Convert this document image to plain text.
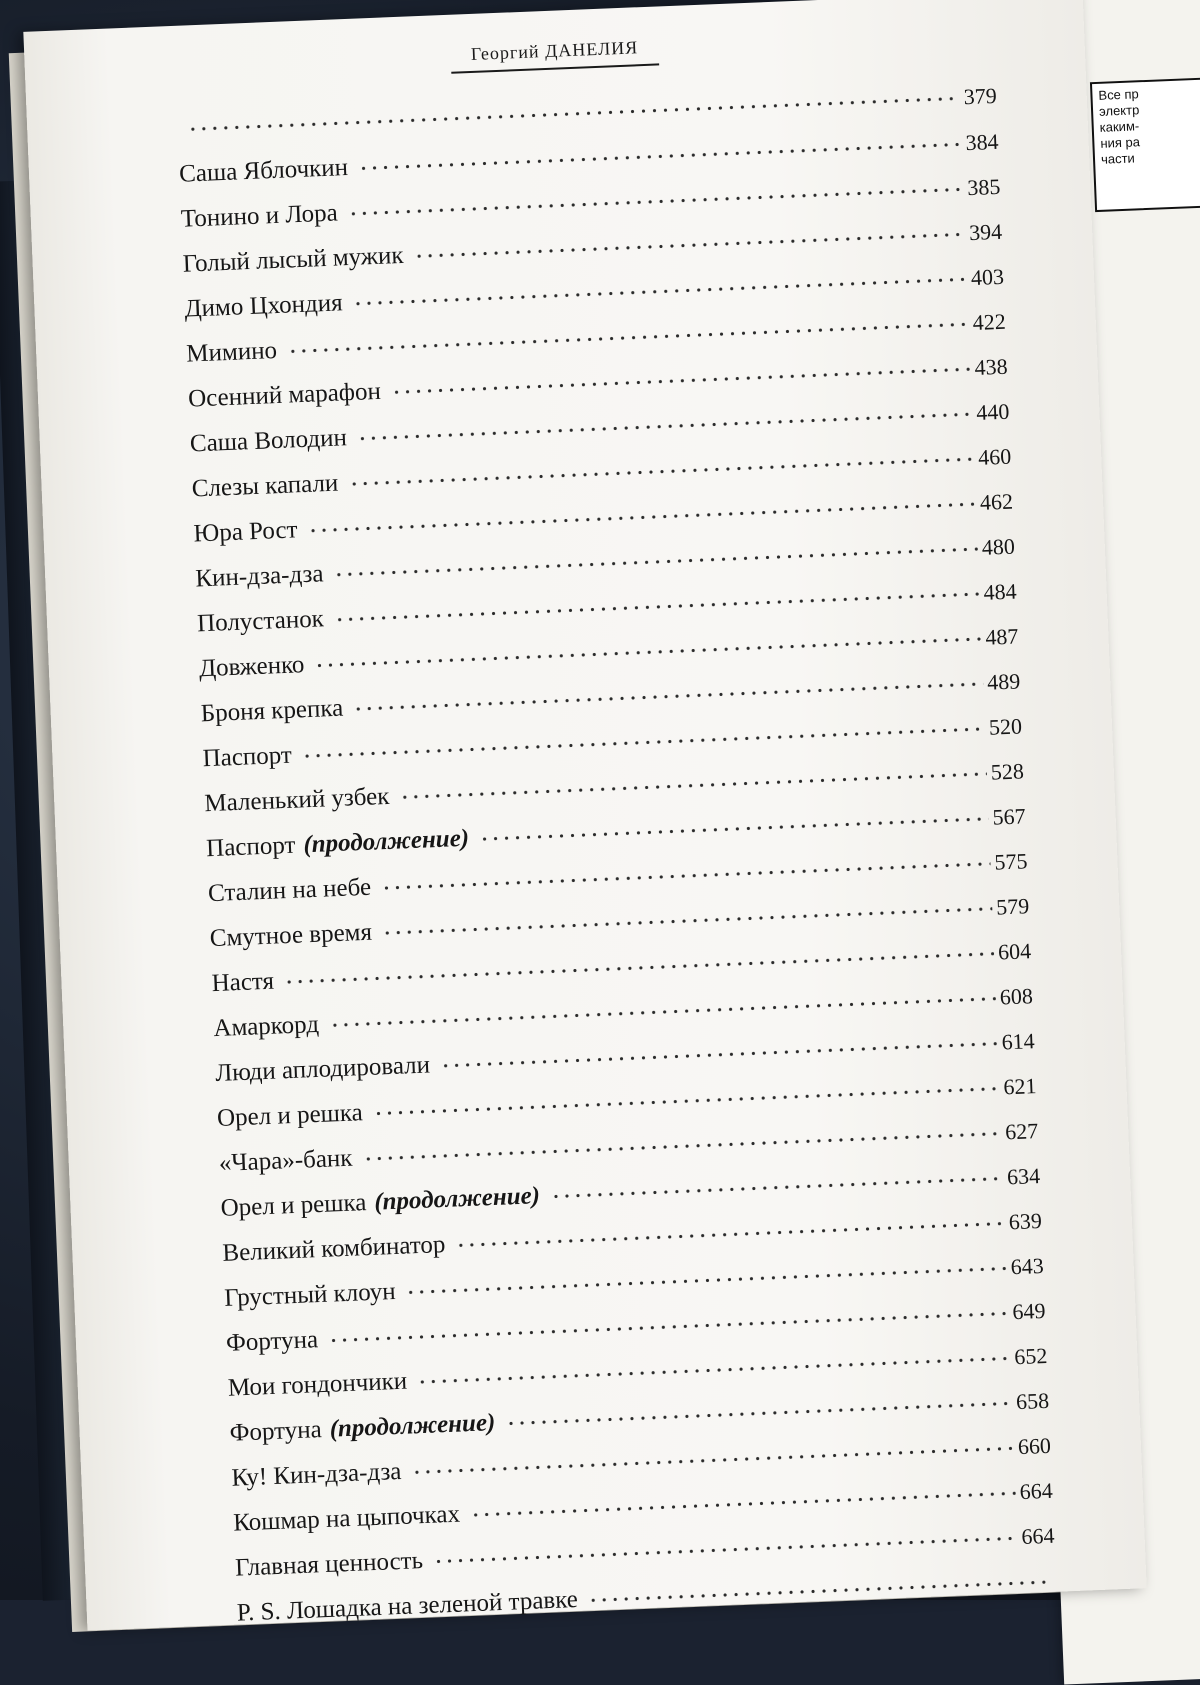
Все пр
электр
каким-
ния ра
части
Георгий ДАНЕЛИЯ
379
Саша Яблочкин
384
Тонино и Лора
385
Голый лысый мужик
394
Димо Цхондия
403
Мимино
422
Осенний марафон
438
Саша Володин
440
Слезы капали
460
Юра Рост
462
Кин-дза-дза
480
Полустанок
484
Довженко
487
Броня крепка
489
Паспорт
520
Маленький узбек
528
Паспорт (продолжение)
567
Сталин на небе
575
Смутное время
579
Настя
604
Амаркорд
608
Люди аплодировали
614
Орел и решка
621
«Чара»-банк
627
Орел и решка (продолжение)
634
Великий комбинатор
639
Грустный клоун
643
Фортуна
649
Мои гондончики
652
Фортуна (продолжение)
658
Ку! Кин-дза-дза
660
Кошмар на цыпочках
664
Главная ценность
664
P. S. Лошадка на зеленой травке
